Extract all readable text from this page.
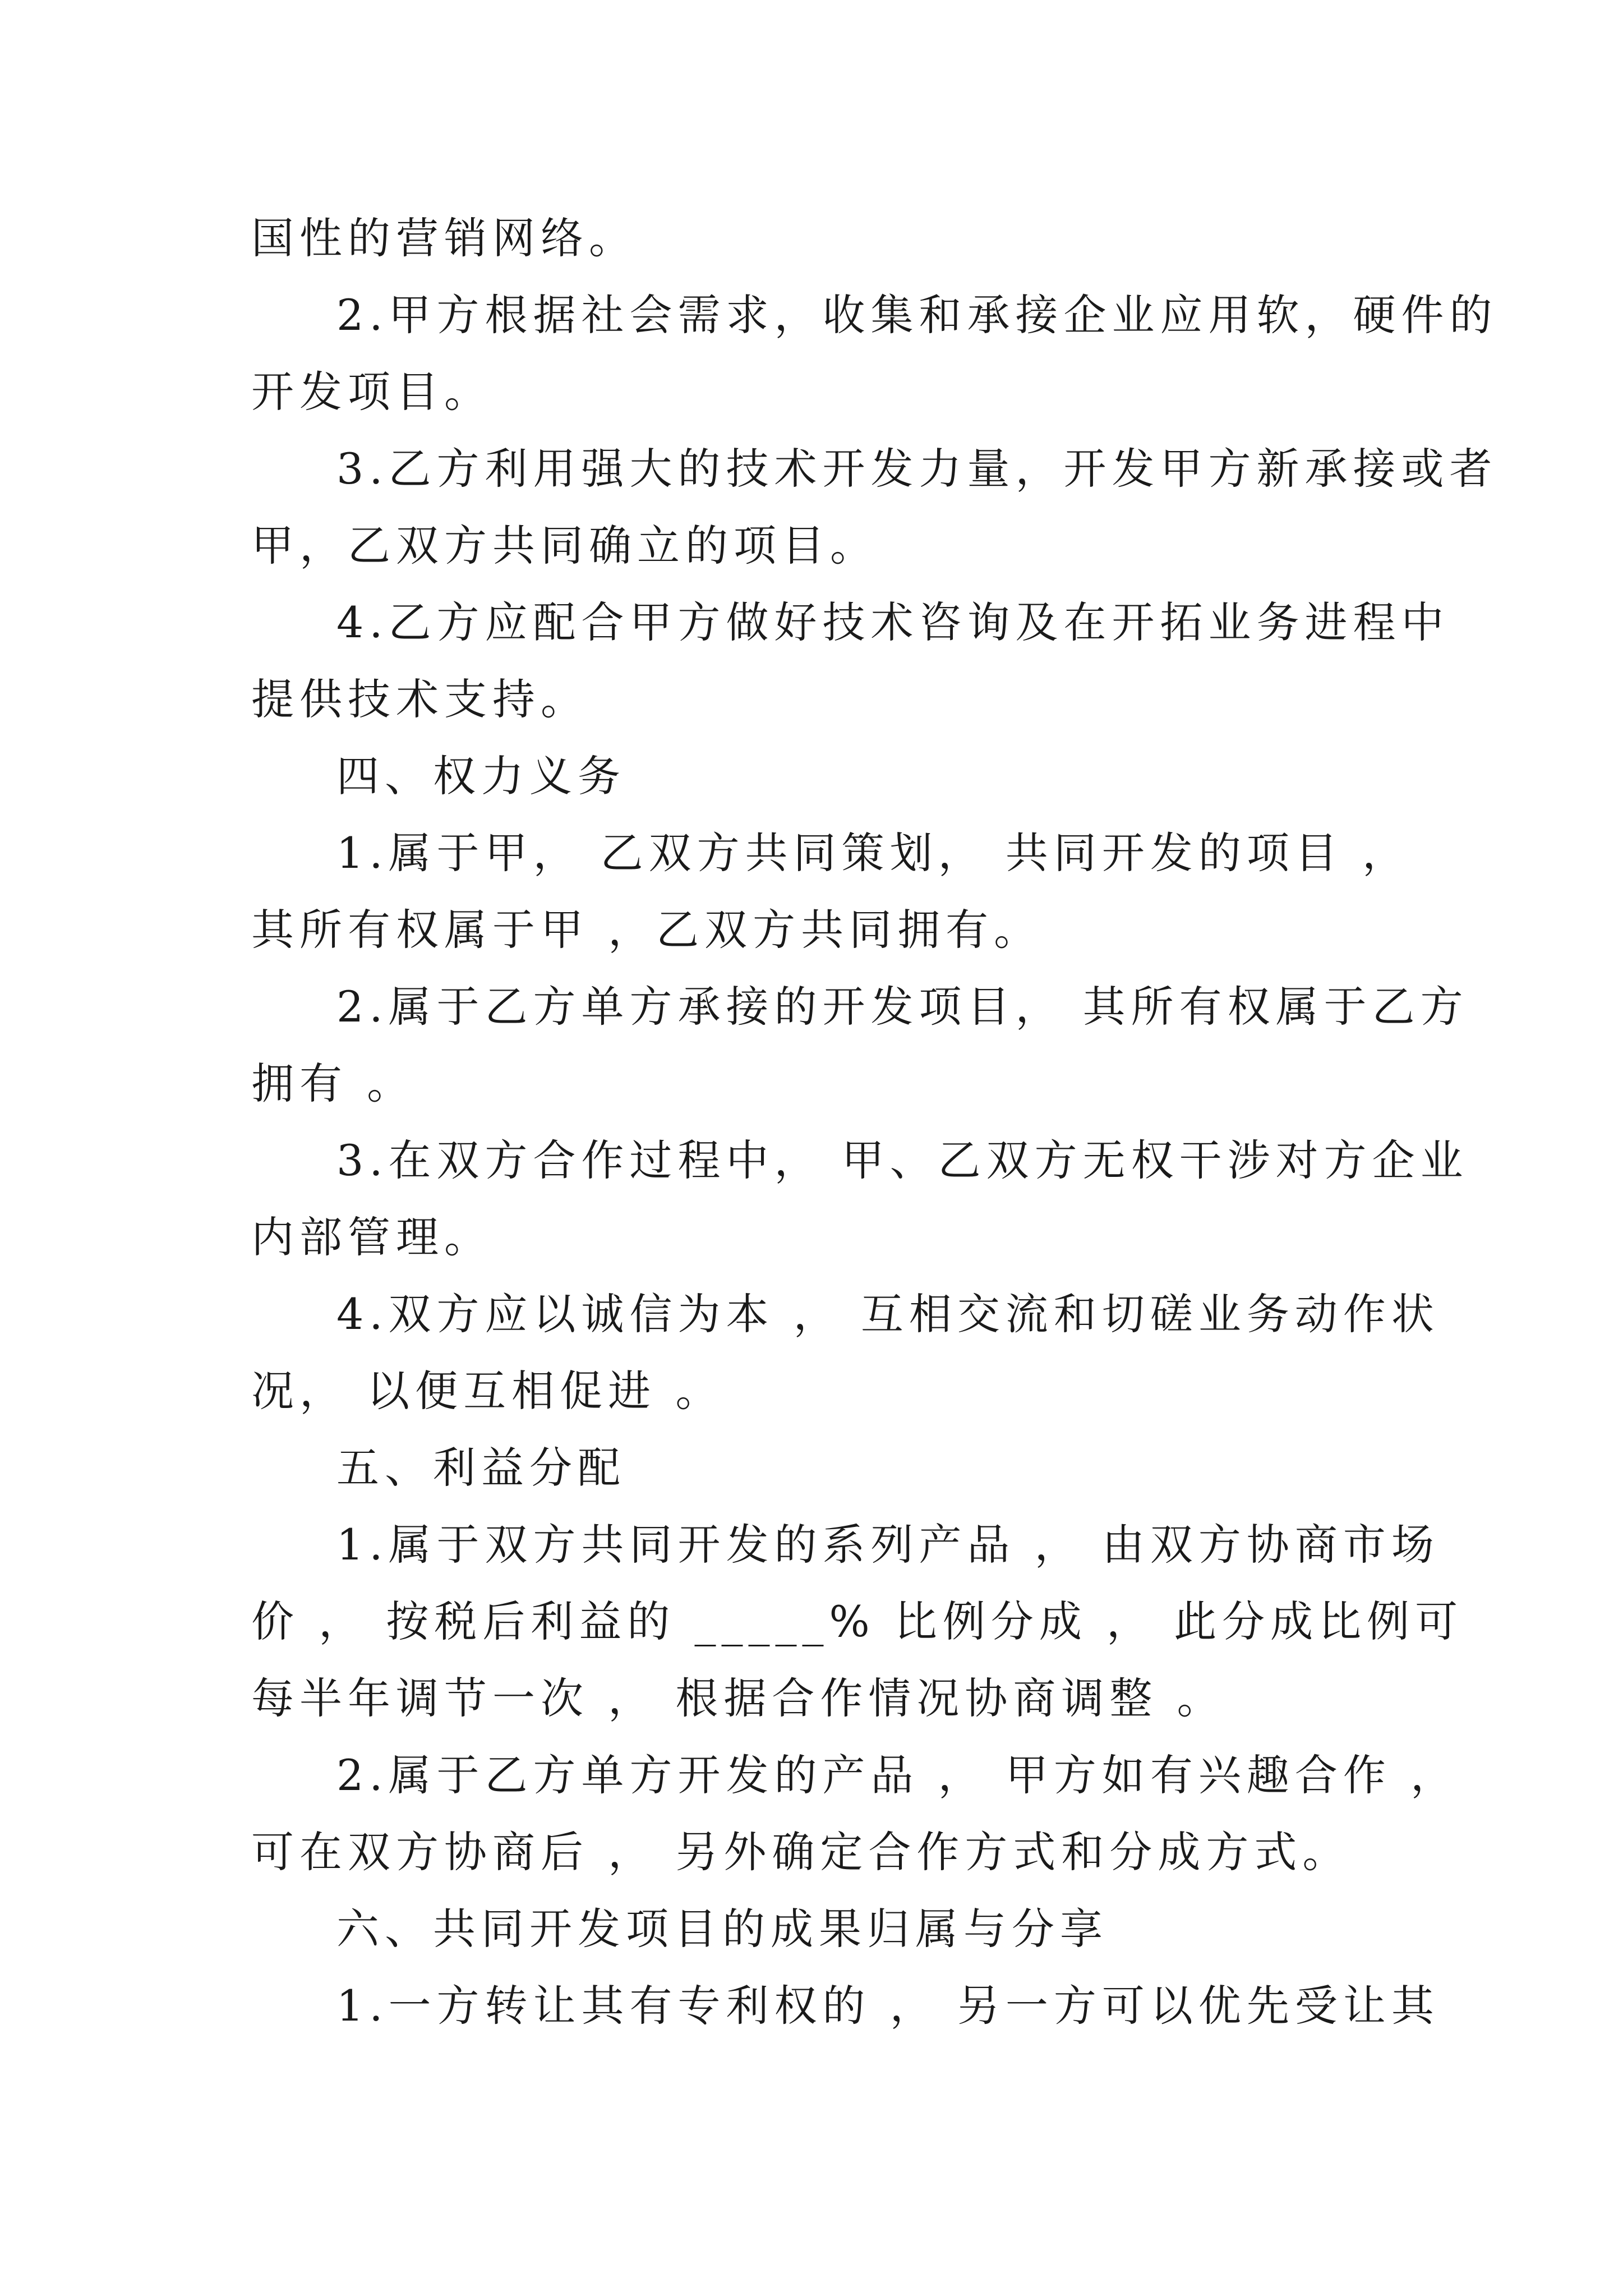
国性的营销网络。
2.甲方根据社会需求，收集和承接企业应用软，硬件的
开发项目。
3.乙方利用强大的技术开发力量，开发甲方新承接或者
甲，乙双方共同确立的项目。
4.乙方应配合甲方做好技术咨询及在开拓业务进程中
提供技术支持。
四、权力义务
1.属于甲， 乙双方共同策划， 共同开发的项目 ，
其所有权属于甲 ，乙双方共同拥有。
2.属于乙方单方承接的开发项目， 其所有权属于乙方
拥有 。
3.在双方合作过程中， 甲、乙双方无权干涉对方企业
内部管理。
4.双方应以诚信为本 ， 互相交流和切磋业务动作状
况， 以便互相促进 。
五、利益分配
1.属于双方共同开发的系列产品 ， 由双方协商市场
价 ， 按税后利益的 _____% 比例分成 ， 此分成比例可
每半年调节一次 ， 根据合作情况协商调整 。
2.属于乙方单方开发的产品 ， 甲方如有兴趣合作 ，
可在双方协商后 ， 另外确定合作方式和分成方式。
六、共同开发项目的成果归属与分享
1.一方转让其有专利权的 ， 另一方可以优先受让其
